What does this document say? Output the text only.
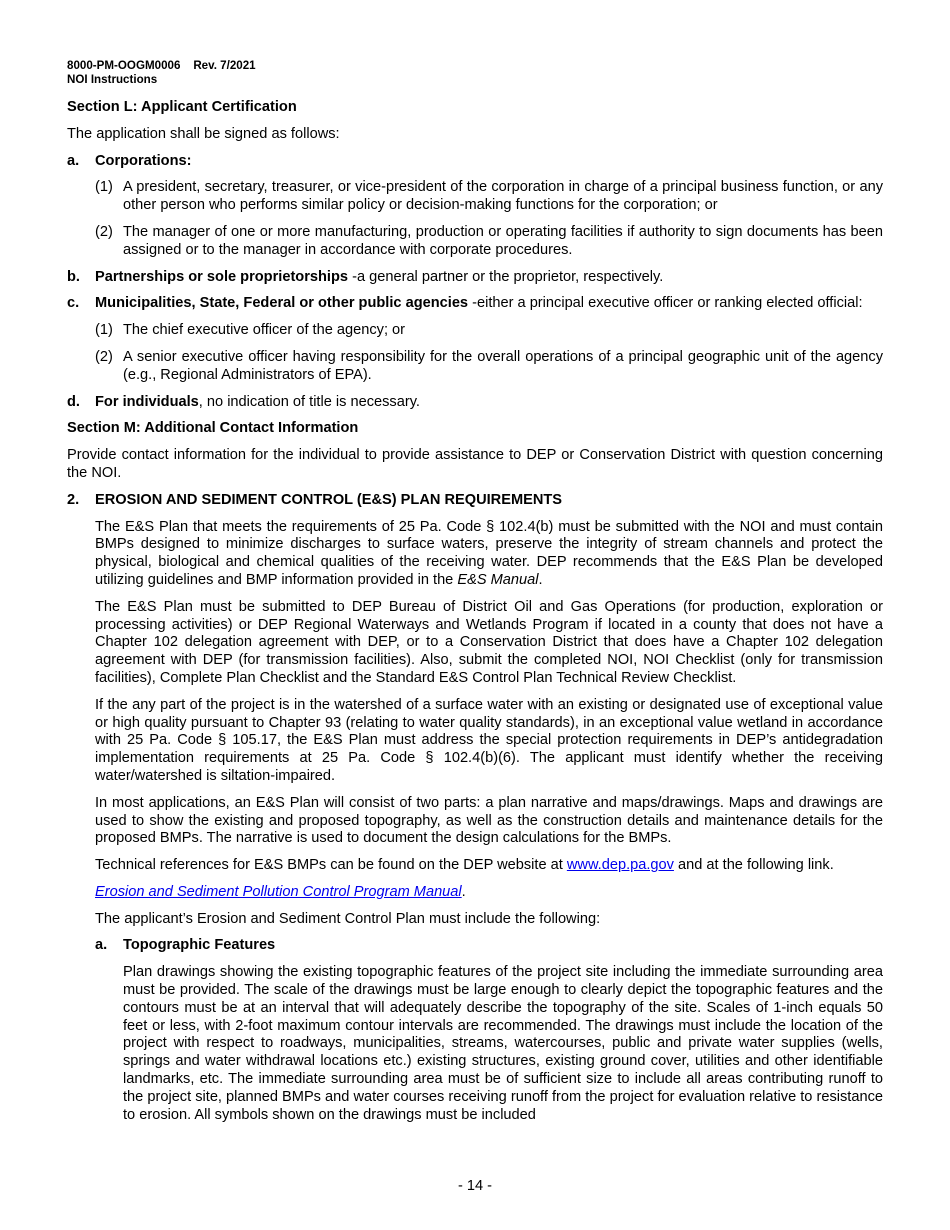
8000-PM-OOGM0006 Rev. 7/2021
NOI Instructions
Section L: Applicant Certification

The application shall be signed as follows:

a.	Corporations:
(1) A president, secretary, treasurer, or vice-president of the corporation in charge of a principal business function, or any other person who performs similar policy or decision-making functions for the corporation; or
(2) The manager of one or more manufacturing, production or operating facilities if authority to sign documents has been assigned or to the manager in accordance with corporate procedures.
b.	Partnerships or sole proprietorships -a general partner or the proprietor, respectively.
c.	Municipalities, State, Federal or other public agencies -either a principal executive officer or ranking elected official:
(1) The chief executive officer of the agency; or
(2) A senior executive officer having responsibility for the overall operations of a principal geographic unit of the agency (e.g., Regional Administrators of EPA).
d.	For individuals, no indication of title is necessary.
Section M: Additional Contact Information

Provide contact information for the individual to provide assistance to DEP or Conservation District with question concerning the NOI.

2.	EROSION AND SEDIMENT CONTROL (E&S) PLAN REQUIREMENTS

The E&S Plan that meets the requirements of 25 Pa. Code § 102.4(b) must be submitted with the NOI and must contain BMPs designed to minimize discharges to surface waters, preserve the integrity of stream channels and protect the physical, biological and chemical qualities of the receiving water. DEP recommends that the E&S Plan be developed utilizing guidelines and BMP information provided in the E&S Manual.

The E&S Plan must be submitted to DEP Bureau of District Oil and Gas Operations (for production, exploration or processing activities) or DEP Regional Waterways and Wetlands Program if located in a county that does not have a Chapter 102 delegation agreement with DEP, or to a Conservation District that does have a Chapter 102 delegation agreement with DEP (for transmission facilities). Also, submit the completed NOI, NOI Checklist (only for transmission facilities), Complete Plan Checklist and the Standard E&S Control Plan Technical Review Checklist.

If the any part of the project is in the watershed of a surface water with an existing or designated use of exceptional value or high quality pursuant to Chapter 93 (relating to water quality standards), in an exceptional value wetland in accordance with 25 Pa. Code § 105.17, the E&S Plan must address the special protection requirements in DEP’s antidegradation implementation requirements at 25 Pa. Code § 102.4(b)(6). The applicant must identify whether the receiving water/watershed is siltation-impaired.

In most applications, an E&S Plan will consist of two parts: a plan narrative and maps/drawings. Maps and drawings are used to show the existing and proposed topography, as well as the construction details and maintenance details for the proposed BMPs. The narrative is used to document the design calculations for the BMPs.

Technical references for E&S BMPs can be found on the DEP website at www.dep.pa.gov and at the following link.

Erosion and Sediment Pollution Control Program Manual.

The applicant’s Erosion and Sediment Control Plan must include the following:

a.	Topographic Features

Plan drawings showing the existing topographic features of the project site including the immediate surrounding area must be provided. The scale of the drawings must be large enough to clearly depict the topographic features and the contours must be at an interval that will adequately describe the topography of the site. Scales of 1-inch equals 50 feet or less, with 2-foot maximum contour intervals are recommended. The drawings must include the location of the project with respect to roadways, municipalities, streams, watercourses, public and private water supplies (wells, springs and water withdrawal locations etc.) existing structures, existing ground cover, utilities and other identifiable landmarks, etc. The immediate surrounding area must be of sufficient size to include all areas contributing runoff to the project site, planned BMPs and water courses receiving runoff from the project for evaluation relative to resistance to erosion. All symbols shown on the drawings must be included

- 14 -
